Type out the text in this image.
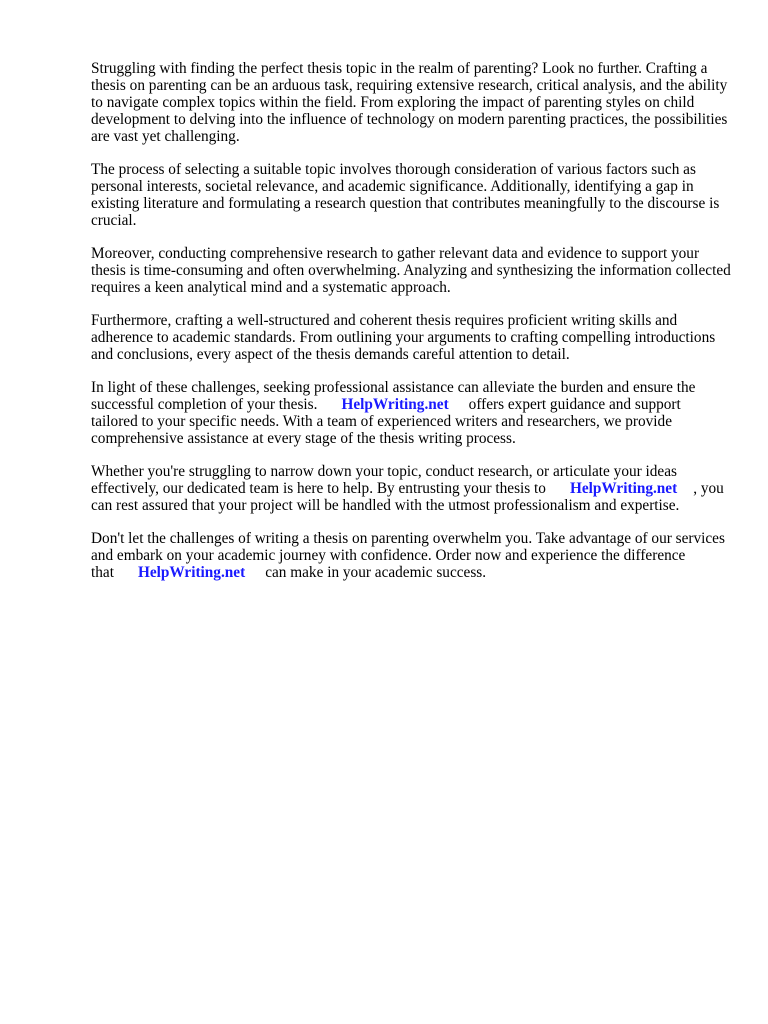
Struggling with finding the perfect thesis topic in the realm of parenting? Look no further. Crafting a thesis on parenting can be an arduous task, requiring extensive research, critical analysis, and the ability to navigate complex topics within the field. From exploring the impact of parenting styles on child development to delving into the influence of technology on modern parenting practices, the possibilities are vast yet challenging.

The process of selecting a suitable topic involves thorough consideration of various factors such as personal interests, societal relevance, and academic significance. Additionally, identifying a gap in existing literature and formulating a research question that contributes meaningfully to the discourse is crucial.

Moreover, conducting comprehensive research to gather relevant data and evidence to support your thesis is time-consuming and often overwhelming. Analyzing and synthesizing the information collected requires a keen analytical mind and a systematic approach.

Furthermore, crafting a well-structured and coherent thesis requires proficient writing skills and adherence to academic standards. From outlining your arguments to crafting compelling introductions and conclusions, every aspect of the thesis demands careful attention to detail.

In light of these challenges, seeking professional assistance can alleviate the burden and ensure the successful completion of your thesis. HelpWriting.net offers expert guidance and support tailored to your specific needs. With a team of experienced writers and researchers, we provide comprehensive assistance at every stage of the thesis writing process.

Whether you're struggling to narrow down your topic, conduct research, or articulate your ideas effectively, our dedicated team is here to help. By entrusting your thesis to HelpWriting.net , you can rest assured that your project will be handled with the utmost professionalism and expertise.

Don't let the challenges of writing a thesis on parenting overwhelm you. Take advantage of our services and embark on your academic journey with confidence. Order now and experience the difference that HelpWriting.net can make in your academic success.
